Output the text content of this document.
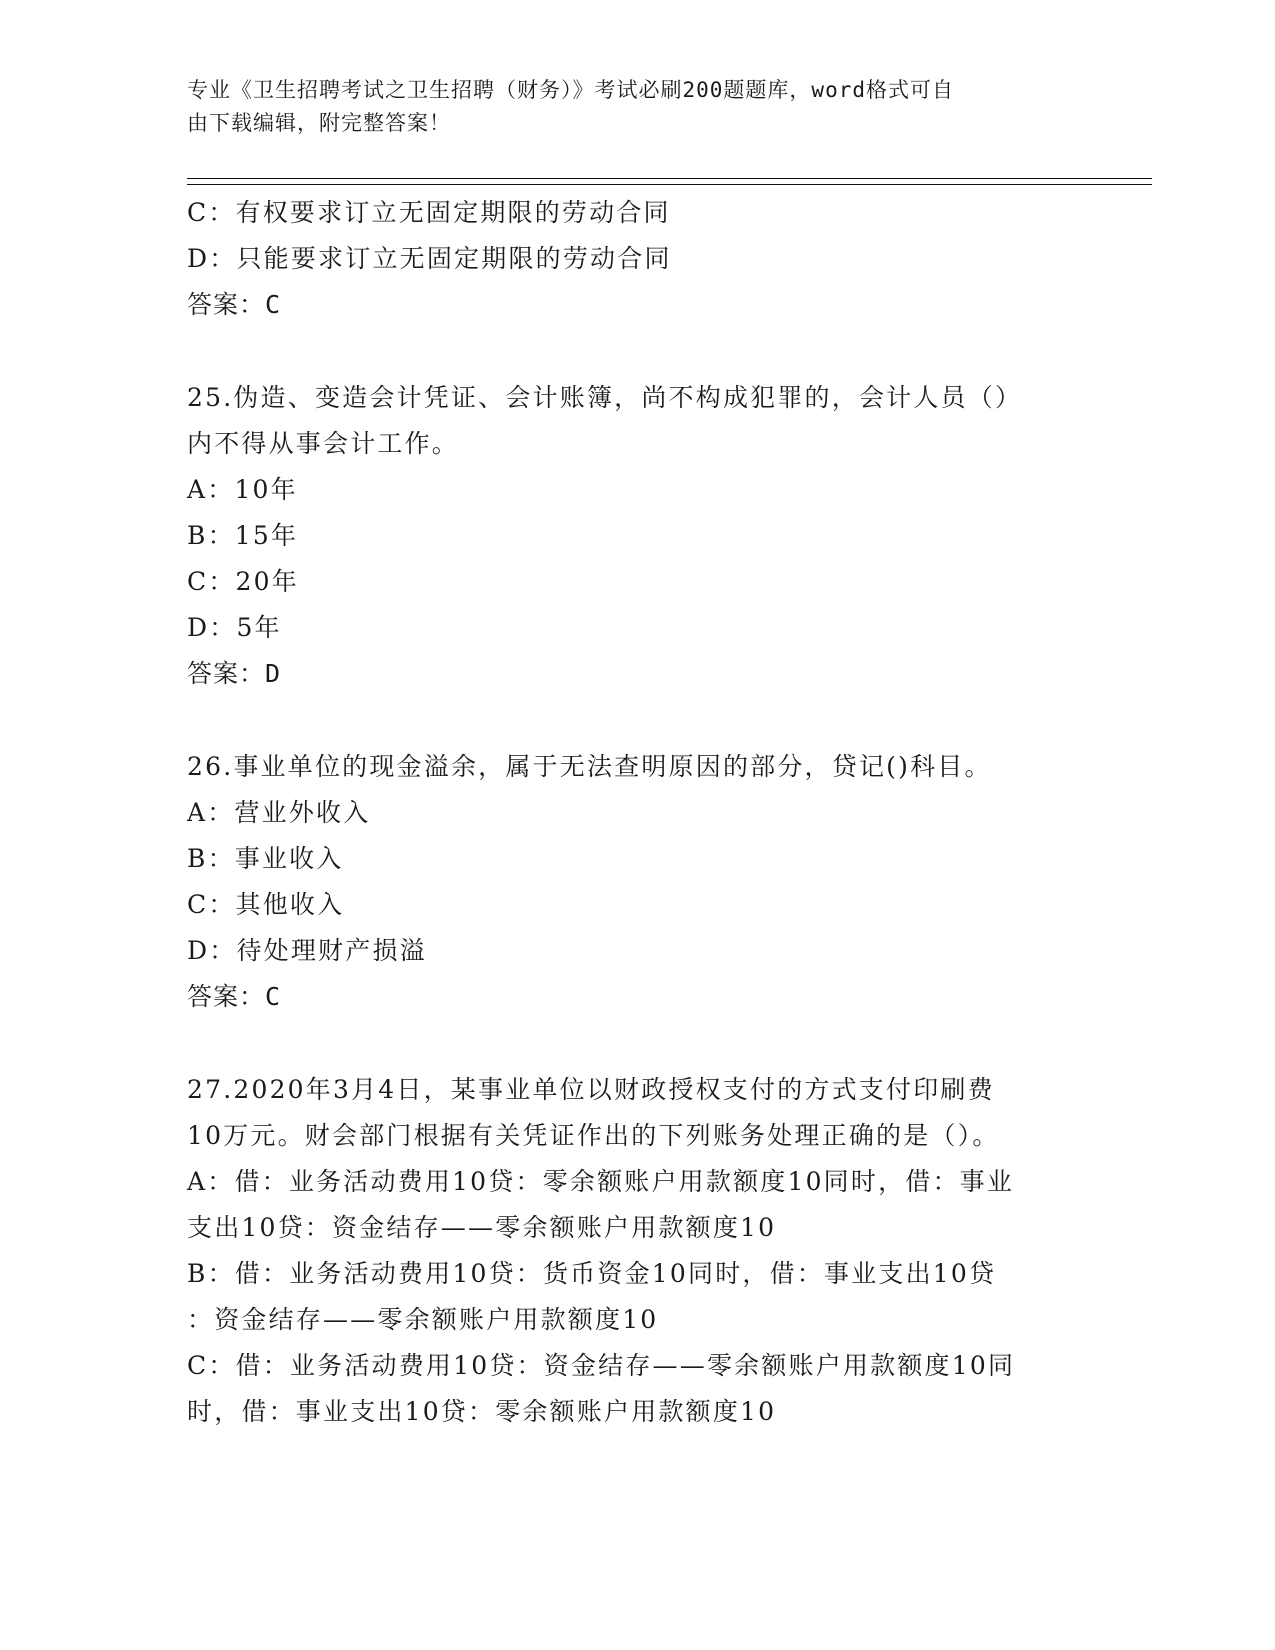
专业《卫生招聘考试之卫生招聘（财务）》考试必刷200题题库，word格式可自
由下载编辑，附完整答案！
C：有权要求订立无固定期限的劳动合同
D：只能要求订立无固定期限的劳动合同
答案：C
25.伪造、变造会计凭证、会计账簿，尚不构成犯罪的，会计人员（）
内不得从事会计工作。
A：10年
B：15年
C：20年
D：5年
答案：D
26.事业单位的现金溢余，属于无法查明原因的部分，贷记()科目。
A：营业外收入
B：事业收入
C：其他收入
D：待处理财产损溢
答案：C
27.2020年3月4日，某事业单位以财政授权支付的方式支付印刷费
10万元。财会部门根据有关凭证作出的下列账务处理正确的是（）。
A：借：业务活动费用10贷：零余额账户用款额度10同时，借：事业
支出10贷：资金结存——零余额账户用款额度10
B：借：业务活动费用10贷：货币资金10同时，借：事业支出10贷
：资金结存——零余额账户用款额度10
C：借：业务活动费用10贷：资金结存——零余额账户用款额度10同
时，借：事业支出10贷：零余额账户用款额度10
